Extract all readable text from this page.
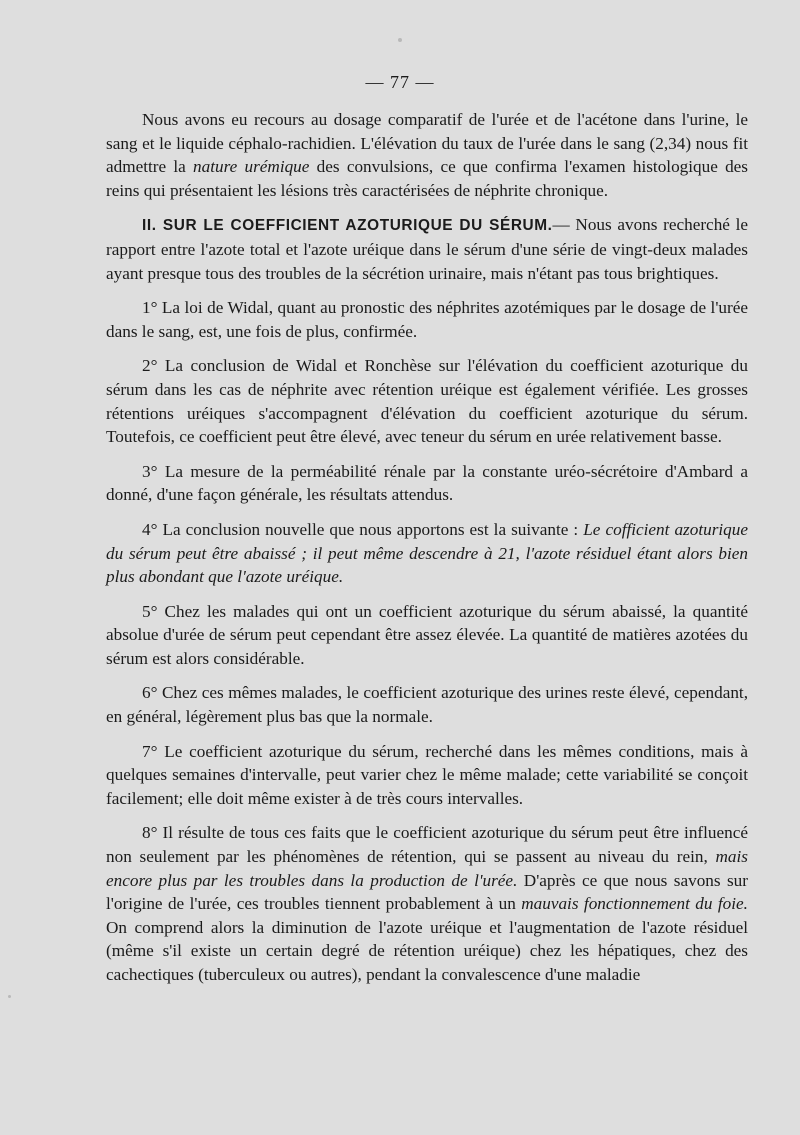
— 77 —

Nous avons eu recours au dosage comparatif de l'urée et de l'acétone dans l'urine, le sang et le liquide céphalo-rachidien. L'élévation du taux de l'urée dans le sang (2,34) nous fit admettre la nature urémique des convulsions, ce que confirma l'examen histologique des reins qui présentaient les lésions très caractérisées de néphrite chronique.

II. SUR LE COEFFICIENT AZOTURIQUE DU SÉRUM.— Nous avons recherché le rapport entre l'azote total et l'azote uréique dans le sérum d'une série de vingt-deux malades ayant presque tous des troubles de la sécrétion urinaire, mais n'étant pas tous brightiques.

1° La loi de Widal, quant au pronostic des néphrites azotémiques par le dosage de l'urée dans le sang, est, une fois de plus, confirmée.

2° La conclusion de Widal et Ronchèse sur l'élévation du coefficient azoturique du sérum dans les cas de néphrite avec rétention uréique est également vérifiée. Les grosses rétentions uréiques s'accompagnent d'élévation du coefficient azoturique du sérum. Toutefois, ce coefficient peut être élevé, avec teneur du sérum en urée relativement basse.

3° La mesure de la perméabilité rénale par la constante uréo-sécrétoire d'Ambard a donné, d'une façon générale, les résultats attendus.

4° La conclusion nouvelle que nous apportons est la suivante : Le cofficient azoturique du sérum peut être abaissé ; il peut même descendre à 21, l'azote résiduel étant alors bien plus abondant que l'azote uréique.

5° Chez les malades qui ont un coefficient azoturique du sérum abaissé, la quantité absolue d'urée de sérum peut cependant être assez élevée. La quantité de matières azotées du sérum est alors considérable.

6° Chez ces mêmes malades, le coefficient azoturique des urines reste élevé, cependant, en général, légèrement plus bas que la normale.

7° Le coefficient azoturique du sérum, recherché dans les mêmes conditions, mais à quelques semaines d'intervalle, peut varier chez le même malade; cette variabilité se conçoit facilement; elle doit même exister à de très cours intervalles.

8° Il résulte de tous ces faits que le coefficient azoturique du sérum peut être influencé non seulement par les phénomènes de rétention, qui se passent au niveau du rein, mais encore plus par les troubles dans la production de l'urée. D'après ce que nous savons sur l'origine de l'urée, ces troubles tiennent probablement à un mauvais fonctionnement du foie. On comprend alors la diminution de l'azote uréique et l'augmentation de l'azote résiduel (même s'il existe un certain degré de rétention uréique) chez les hépatiques, chez des cachectiques (tuberculeux ou autres), pendant la convalescence d'une maladie
